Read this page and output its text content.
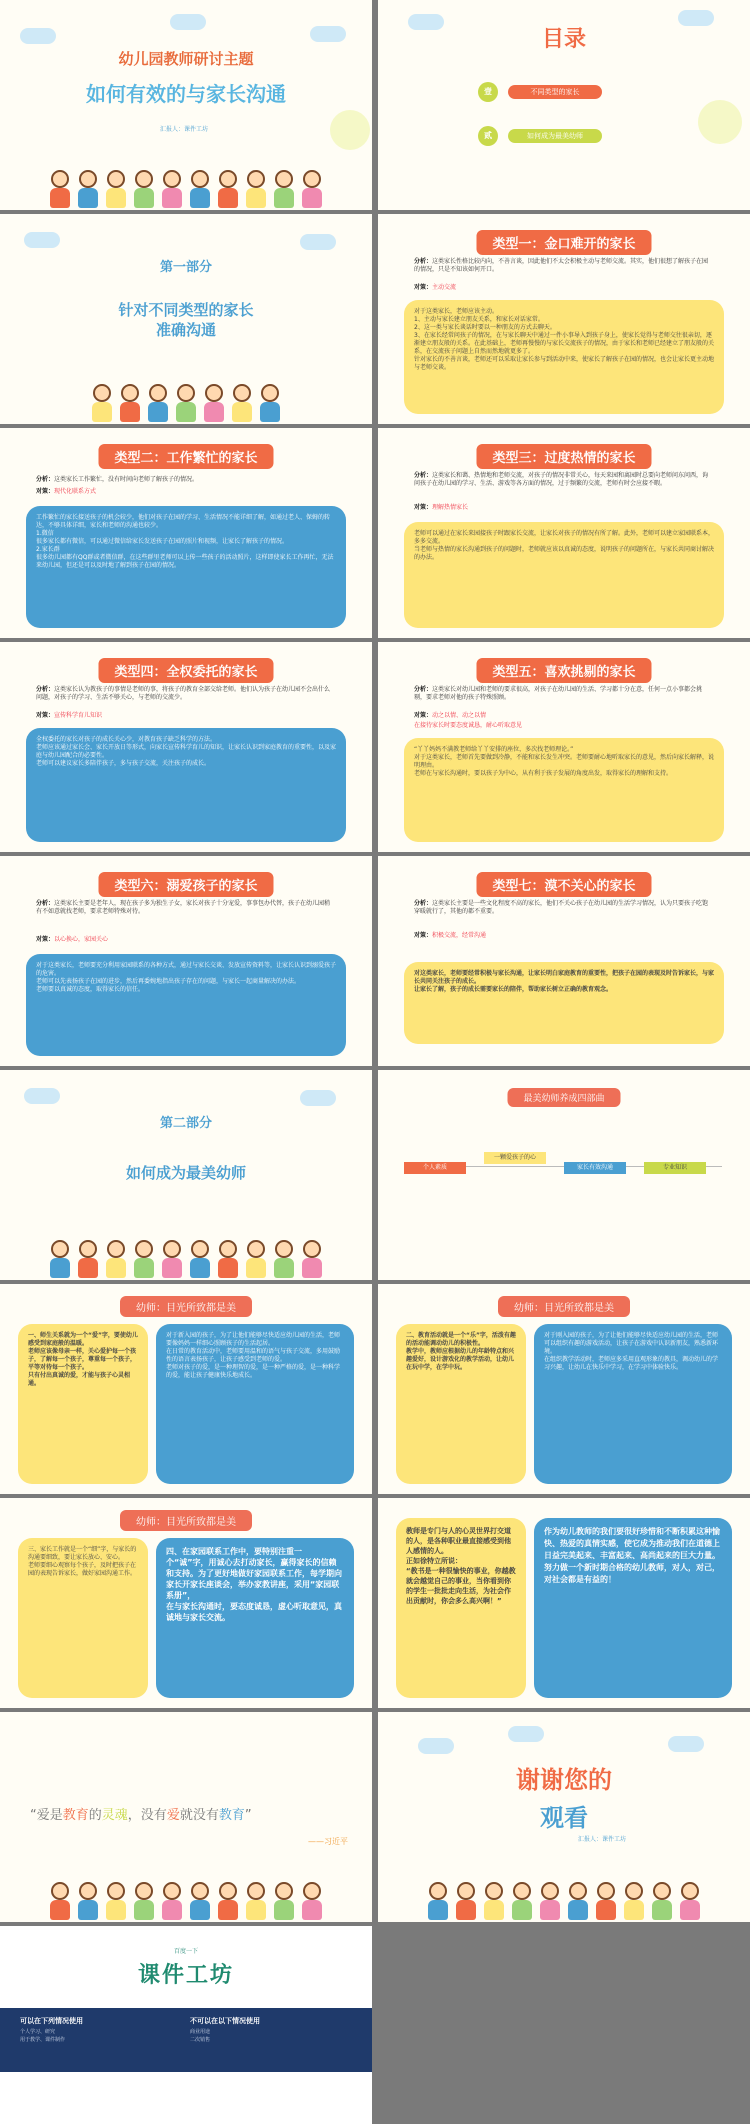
幼儿园教师研讨主题
如何有效的与家长沟通
汇报人：课件工坊
目录
壹	不同类型的家长
贰	如何成为最美幼师
第一部分
针对不同类型的家长
准确沟通
类型一：金口难开的家长
分析：这类家长性格比较内向，不善言谈，因此他们不太会积极主动与老师交流。其实，他们很想了解孩子在园的情况，只是不知该如何开口。
对策：主动交流
对于这类家长，老师应该主动。
1、主动与家长建立朋友关系，和家长对话家常。
2、这一类与家长谈话时要以一种朋友的方式去聊天。
3、在家长经常问孩子的情况，在与家长聊天中通过一件小事导入到孩子身上，使家长觉得与老师交往很亲切，逐渐建立朋友般的关系。在此基础上，老师再慢慢的与家长交流孩子的情况，由于家长和老师已经建立了朋友般的关系，在交流孩子问题上自然而然地就更多了。
针对家长的不善言谈，老师还可以采取让家长参与到活动中来，使家长了解孩子在园的情况，也会让家长更主动地与老师交谈。
类型二：工作繁忙的家长
分析：这类家长工作繁忙，没有时间向老师了解孩子的情况。
对策：现代化联系方式
工作繁忙的家长接送孩子的机会较少，他们对孩子在园的学习、生活情况不能详细了解，如通过老人、保姆的转达，不够具体详细，家长和老师的沟通也较少。
1.微信
很多家长都有微信，可以通过微信给家长发送孩子在园的照片和视频，让家长了解孩子的情况。
2.家长群
很多幼儿园都有QQ群或者微信群，在这些群里老师可以上传一些孩子的活动照片，这样即使家长工作再忙，无法来幼儿园，但还是可以及时地了解到孩子在园的情况。
类型三：过度热情的家长
分析：这类家长和蔼、热情地和老师交流，对孩子的情况非常关心，每天来园和离园时总要向老师问东问西，询问孩子在幼儿园的学习、生活、游戏等各方面的情况，过于频繁的交流，老师有时会应接不暇。
对策：理解热情家长
老师可以通过在家长来园接孩子时跟家长交流，让家长对孩子的情况有所了解。此外，老师可以建立家园联系本，多多交流。
当老师与热情的家长沟通到孩子的问题时，老师就应该以真诚的态度，说明孩子的问题所在，与家长共同商讨解决的办法。
类型四：全权委托的家长
分析：这类家长认为教孩子的事情是老师的事，将孩子的教育全部交给老师。他们认为孩子在幼儿园不会出什么问题，对孩子的学习、生活不够关心，与老师的交流少。
对策：宣传科学育儿知识
全权委托的家长对孩子的成长关心少，对教育孩子缺乏科学的方法。
老师应该通过家长会、家长开放日等形式，向家长宣传科学育儿的知识，让家长认识到家庭教育的重要性，以及家庭与幼儿园配合的必要性。
老师可以建议家长多陪伴孩子，多与孩子交流，关注孩子的成长。
类型五：喜欢挑剔的家长
分析：这类家长对幼儿园和老师的要求很高，对孩子在幼儿园的生活、学习都十分在意，任何一点小事都会挑剔，要求老师对他的孩子特殊照顾。
对策：动之以情、动之以情
在接待家长时要态度诚恳，耐心听取意见
“丫丫妈妈不满教老师给丫丫安排的座位，多次找老师理论。”
对于这类家长，老师首先要做到冷静，不能和家长发生冲突。老师要耐心地听取家长的意见，然后向家长解释，说明理由。
老师在与家长沟通时，要以孩子为中心，从有利于孩子发展的角度出发，取得家长的理解和支持。
类型六：溺爱孩子的家长
分析：这类家长主要是老年人，现在孩子多为独生子女，家长对孩子十分宠爱，事事包办代替，孩子在幼儿园稍有不如意就找老师，要求老师特殊对待。
对策：以心换心，家园关心
对于这类家长，老师要充分利用家园联系的各种方式，通过与家长交谈、发放宣传资料等，让家长认识到溺爱孩子的危害。
老师可以先表扬孩子在园的进步，然后再委婉地指出孩子存在的问题，与家长一起商量解决的办法。
老师要以真诚的态度，取得家长的信任。
类型七：漠不关心的家长
分析：这类家长主要是一些文化程度不高的家长，他们不关心孩子在幼儿园的生活学习情况，认为只要孩子吃饱穿暖就行了，其他的都不重要。
对策：积极交流，经常沟通
对这类家长，老师要经常积极与家长沟通，让家长明白家庭教育的重要性，把孩子在园的表现及时告诉家长，与家长共同关注孩子的成长。
让家长了解，孩子的成长需要家长的陪伴，帮助家长树立正确的教育观念。
第二部分
如何成为最美幼师
最美幼师养成四部曲
个人素质
一颗爱孩子的心
家长有效沟通	专业知识
幼师：目光所致都是美
一、师生关系就为一个“爱”字，要使幼儿感受到家庭般的温暖。
老师应该像母亲一样，关心爱护每一个孩子，了解每一个孩子，尊重每一个孩子，平等对待每一个孩子。
只有付出真诚的爱，才能与孩子心灵相通。
对于新入园的孩子，为了让他们能够尽快适应幼儿园的生活，老师要像妈妈一样细心照顾孩子的生活起居。
在日常的教育活动中，老师要用温和的语气与孩子交流，多用鼓励性的语言表扬孩子，让孩子感受到老师的爱。
老师对孩子的爱，是一种理智的爱，是一种严格的爱，是一种科学的爱，能让孩子健康快乐地成长。
幼师：目光所致都是美
二、教育活动就是一个“乐”字，活泼有趣的活动能调动幼儿的积极性。
教学中，教师应根据幼儿的年龄特点和兴趣爱好，设计游戏化的教学活动，让幼儿在玩中学，在学中玩。
对于刚入园的孩子，为了让他们能够尽快适应幼儿园的生活，老师可以组织有趣的游戏活动，让孩子在游戏中认识新朋友，熟悉新环境。
在组织教学活动时，老师应多采用直观形象的教具，调动幼儿的学习兴趣，让幼儿在快乐中学习，在学习中体验快乐。
幼师：目光所致都是美
三、家长工作就是一个“细”字，与家长的沟通要细致，要让家长放心、安心。
老师要细心观察每个孩子，及时把孩子在园的表现告诉家长，做好家园沟通工作。
四、在家园联系工作中，要特别注重一个“诚”字，用诚心去打动家长，赢得家长的信赖和支持。为了更好地做好家园联系工作，每学期向家长开家长座谈会，举办家教讲座，采用“家园联系册”，
在与家长沟通时，要态度诚恳，虚心听取意见，真诚地与家长交流。
教师是专门与人的心灵世界打交道的人，是各种职业最直接感受到他人感情的人。
正如徐特立所说：
“教书是一种很愉快的事业，你越教就会越觉自己的事业，当你看到你的学生一批批走向生活，为社会作出贡献时，你会多么高兴啊！”
作为幼儿教师的我们要很好珍惜和不断积累这种愉快、热爱的真情实感，使它成为推动我们在道德上日益完美起来、丰富起来、高尚起来的巨大力量。
努力做一个新时期合格的幼儿教师，对人，对己，对社会都是有益的！
“爱是教育的灵魂，没有爱就没有教育”
——习近平
谢谢您的
观看
汇报人：课件工坊
百度一下
课件工坊
可以在下列情况使用
个人学习、研究
用于教学、课件制作
不可以在以下情况使用
商业用途
二次销售
